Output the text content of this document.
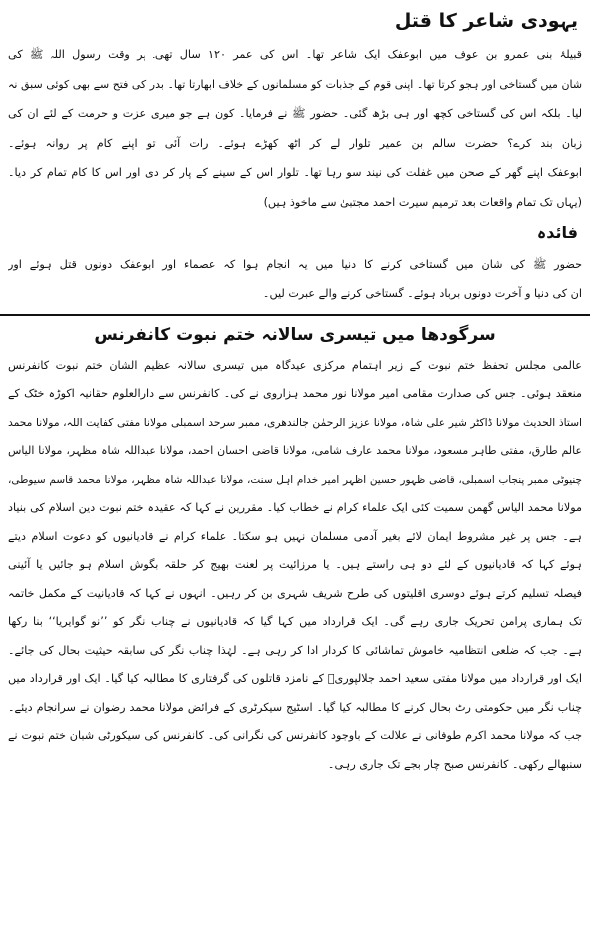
یہودی شاعر کا قتل
قبیلۂ بنی عمرو بن عوف میں ابوعفک ایک شاعر تھا۔ اس کی عمر ۱۲۰ سال تھی۔ ہر وقت رسول اللہ ﷺ کی
شان میں گستاخی اور ہجو کرتا تھا۔ اپنی قوم کے جذبات کو مسلمانوں کے خلاف ابھارتا تھا۔ بدر کی فتح سے بھی کوئی سبق نہ
لیا۔ بلکہ اس کی گستاخی کچھ اور ہی بڑھ گئی۔ حضور ﷺ نے فرمایا۔ کون ہے جو میری عزت و حرمت کے لئے ان کی
زبان بند کرے؟ حضرت سالم بن عمیر تلوار لے کر اٹھ کھڑے ہوئے۔ رات آئی تو اپنے کام پر روانہ ہوئے۔
ابوعفک اپنے گھر کے صحن میں غفلت کی نیند سو رہا تھا۔ تلوار اس کے سینے کے پار کر دی اور اس کا کام تمام کر دیا۔
(یہاں تک تمام واقعات بعد ترمیم سیرت احمد مجتبیٰ سے ماخوذ ہیں)
فائدہ
حضور ﷺ کی شان میں گستاخی کرنے کا دنیا میں یہ انجام ہوا کہ عصماء اور ابوعفک دونوں قتل ہوئے اور
ان کی دنیا و آخرت دونوں برباد ہوئے۔ گستاخی کرنے والے عبرت لیں۔
سرگودھا میں تیسری سالانہ ختم نبوت کانفرنس
عالمی مجلس تحفظ ختم نبوت کے زیر اہتمام مرکزی عیدگاہ میں تیسری سالانہ عظیم الشان ختم نبوت کانفرنس
منعقد ہوئی۔ جس کی صدارت مقامی امیر مولانا نور محمد ہزاروی نے کی۔ کانفرنس سے دارالعلوم حقانیہ اکوڑہ خٹک کے
استاذ الحدیث مولانا ڈاکٹر شیر علی شاہ، مولانا عزیز الرحمٰن جالندھری، ممبر سرحد اسمبلی مولانا مفتی کفایت اللہ، مولانا محمد
عالم طارق، مفتی طاہر مسعود، مولانا محمد عارف شامی، مولانا قاضی احسان احمد، مولانا عبداللہ شاہ مظہر، مولانا الیاس
چنیوٹی ممبر پنجاب اسمبلی، قاضی ظہور حسین اظہر امیر خدام اہل سنت، مولانا عبداللہ شاہ مظہر، مولانا محمد قاسم سیوطی،
مولانا محمد الیاس گھمن سمیت کئی ایک علماء کرام نے خطاب کیا۔ مقررین نے کہا کہ عقیدہ ختم نبوت دین اسلام کی بنیاد
ہے۔ جس پر غیر مشروط ایمان لائے بغیر آدمی مسلمان نہیں ہو سکتا۔ علماء کرام نے قادیانیوں کو دعوت اسلام دیتے
ہوئے کہا کہ قادیانیوں کے لئے دو ہی راستے ہیں۔ یا مرزائیت پر لعنت بھیج کر حلقہ بگوش اسلام ہو جائیں یا آئینی
فیصلہ تسلیم کرتے ہوئے دوسری اقلیتوں کی طرح شریف شہری بن کر رہیں۔ انہوں نے کہا کہ قادیانیت کے مکمل خاتمہ
تک ہماری پرامن تحریک جاری رہے گی۔ ایک قرارداد میں کہا گیا کہ قادیانیوں نے چناب نگر کو ’’نو گوایریا‘‘ بنا رکھا
ہے۔ جب کہ ضلعی انتظامیہ خاموش تماشائی کا کردار ادا کر رہی ہے۔ لہٰذا چناب نگر کی سابقہ حیثیت بحال کی جائے۔
ایک اور قرارداد میں مولانا مفتی سعید احمد جلالپوریؒ کے نامزد قاتلوں کی گرفتاری کا مطالبہ کیا گیا۔ ایک اور قرارداد میں
چناب نگر میں حکومتی رٹ بحال کرنے کا مطالبہ کیا گیا۔ اسٹیج سیکرٹری کے فرائض مولانا محمد رضوان نے سرانجام دیئے۔
جب کہ مولانا محمد اکرم طوفانی نے علالت کے باوجود کانفرنس کی نگرانی کی۔ کانفرنس کی سیکورٹی شبان ختم نبوت نے
سنبھالے رکھی۔ کانفرنس صبح چار بجے تک جاری رہی۔
